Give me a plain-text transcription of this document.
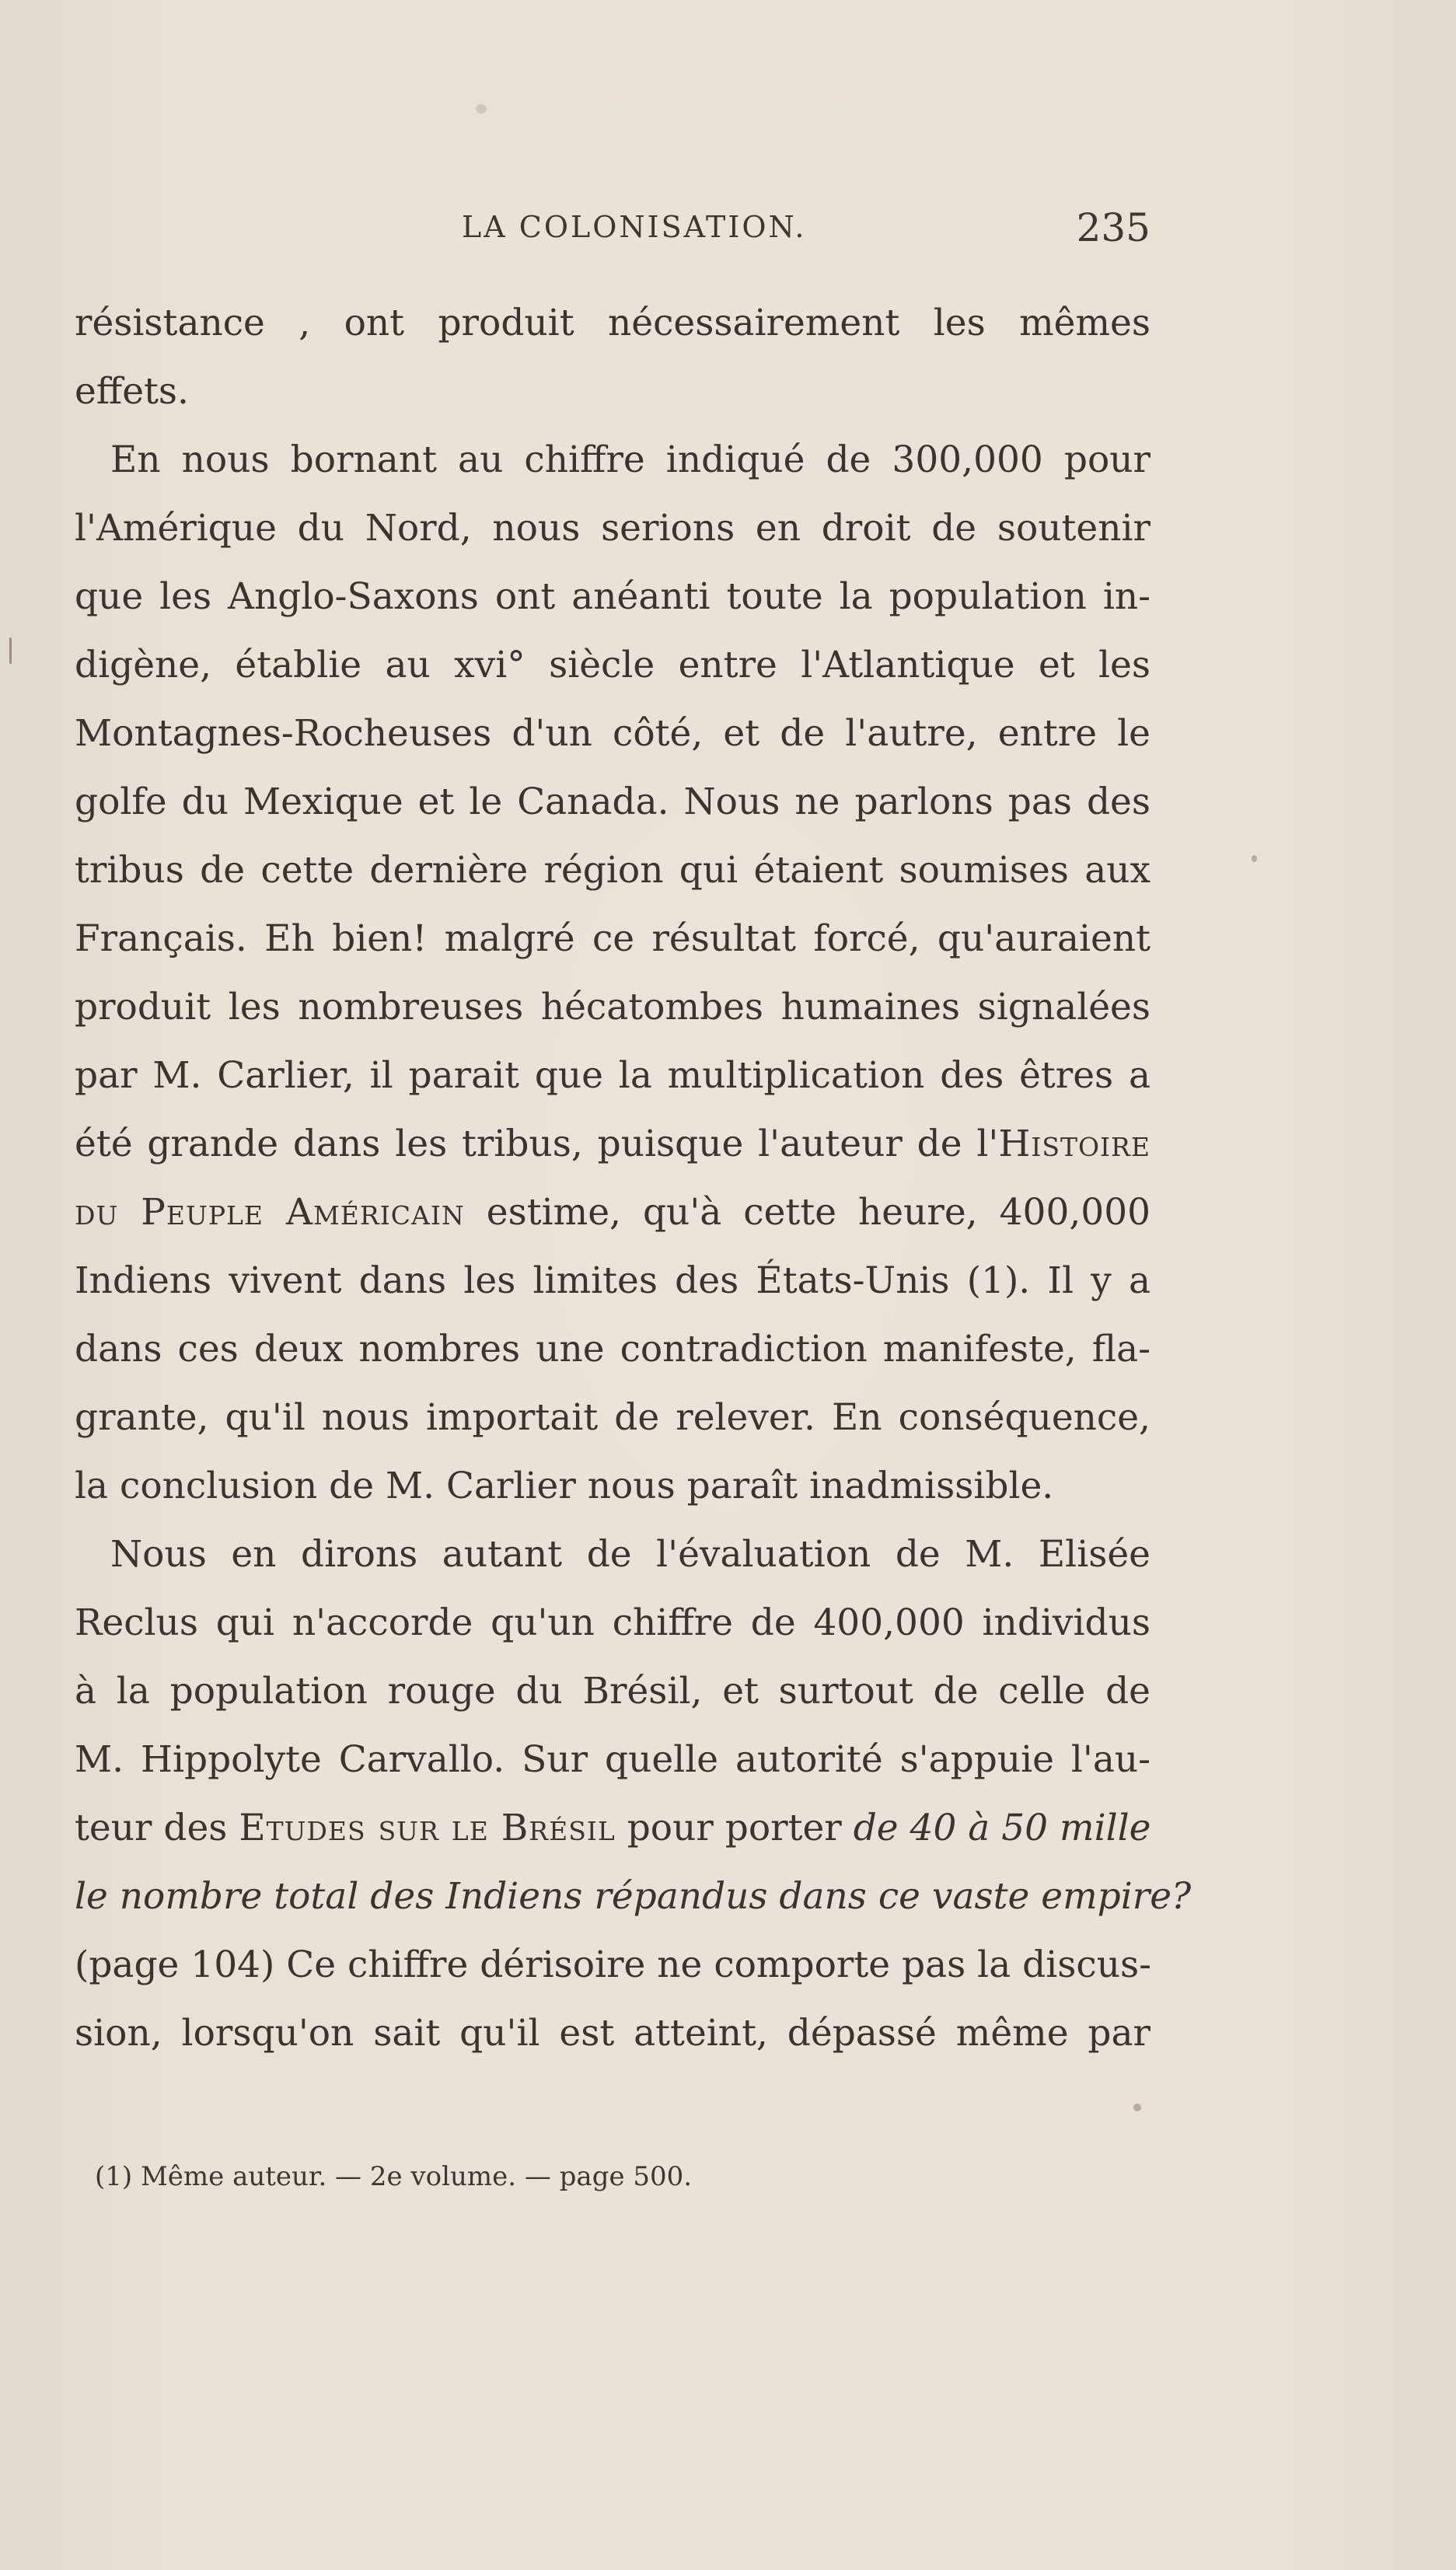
LA COLONISATION.	235
résistance , ont produit nécessairement les mêmes
effets.
En nous bornant au chiffre indiqué de 300,000 pour
l'Amérique du Nord, nous serions en droit de soutenir
que les Anglo-Saxons ont anéanti toute la population in-
digène, établie au xvi° siècle entre l'Atlantique et les
Montagnes-Rocheuses d'un côté, et de l'autre, entre le
golfe du Mexique et le Canada. Nous ne parlons pas des
tribus de cette dernière région qui étaient soumises aux
Français. Eh bien! malgré ce résultat forcé, qu'auraient
produit les nombreuses hécatombes humaines signalées
par M. Carlier, il parait que la multiplication des êtres a
été grande dans les tribus, puisque l'auteur de l'Histoire
du Peuple Américain estime, qu'à cette heure, 400,000
Indiens vivent dans les limites des États-Unis (1). Il y a
dans ces deux nombres une contradiction manifeste, fla-
grante, qu'il nous importait de relever. En conséquence,
la conclusion de M. Carlier nous paraît inadmissible.
Nous en dirons autant de l'évaluation de M. Elisée
Reclus qui n'accorde qu'un chiffre de 400,000 individus
à la population rouge du Brésil, et surtout de celle de
M. Hippolyte Carvallo. Sur quelle autorité s'appuie l'au-
teur des Etudes sur le Brésil pour porter de 40 à 50 mille
le nombre total des Indiens répandus dans ce vaste empire?
(page 104) Ce chiffre dérisoire ne comporte pas la discus-
sion, lorsqu'on sait qu'il est atteint, dépassé même par
(1) Même auteur. — 2e volume. — page 500.
